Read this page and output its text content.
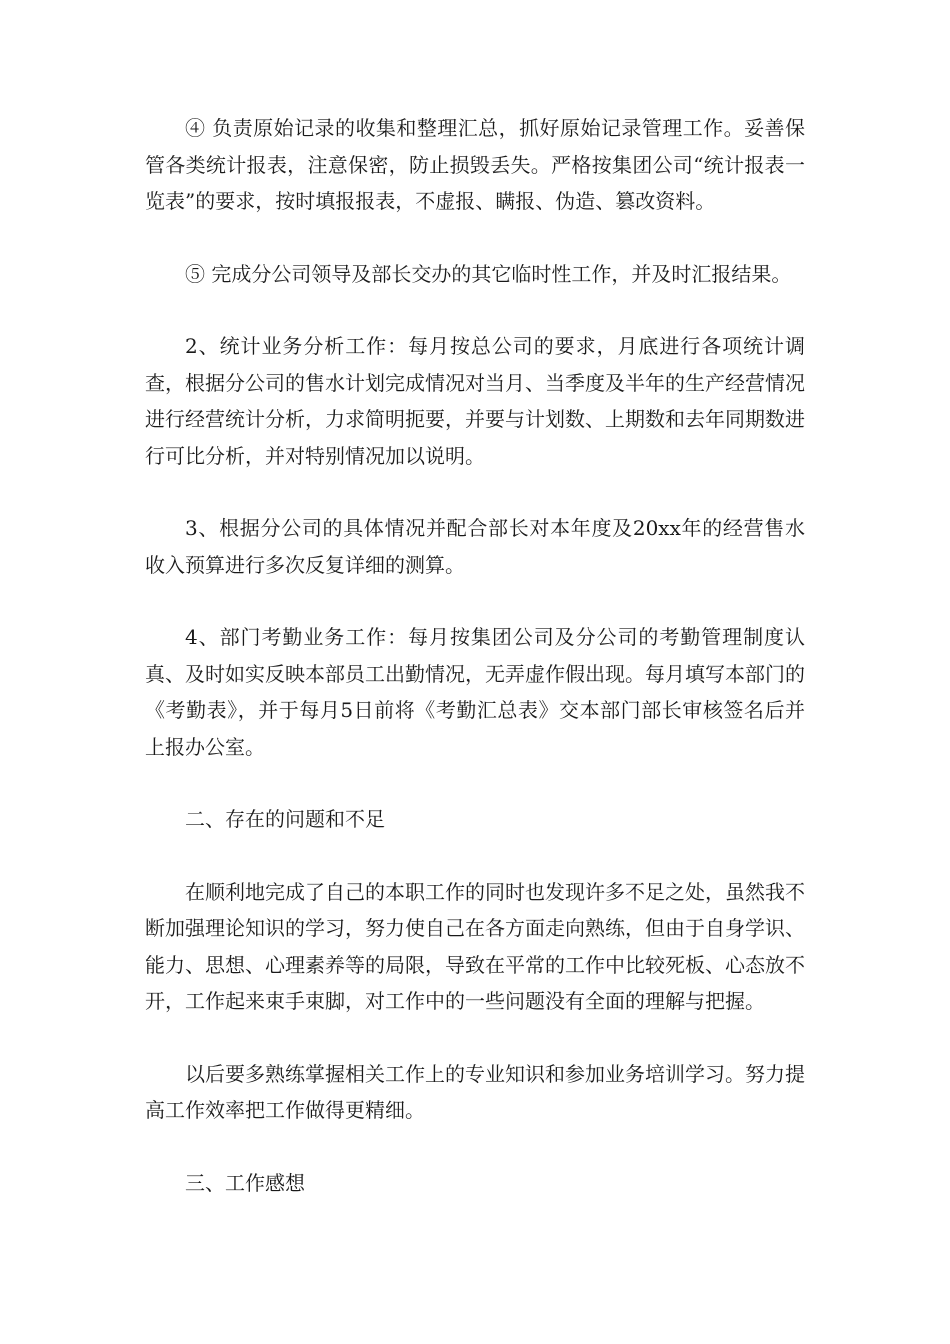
④ 负责原始记录的收集和整理汇总，抓好原始记录管理工作。妥善保管各类统计报表，注意保密，防止损毁丢失。严格按集团公司“统计报表一览表”的要求，按时填报报表，不虚报、瞒报、伪造、篡改资料。

⑤ 完成分公司领导及部长交办的其它临时性工作，并及时汇报结果。

2、统计业务分析工作：每月按总公司的要求，月底进行各项统计调查，根据分公司的售水计划完成情况对当月、当季度及半年的生产经营情况进行经营统计分析，力求简明扼要，并要与计划数、上期数和去年同期数进行可比分析，并对特别情况加以说明。

3、根据分公司的具体情况并配合部长对本年度及20xx年的经营售水收入预算进行多次反复详细的测算。

4、部门考勤业务工作：每月按集团公司及分公司的考勤管理制度认真、及时如实反映本部员工出勤情况，无弄虚作假出现。每月填写本部门的《考勤表》，并于每月5日前将《考勤汇总表》交本部门部长审核签名后并上报办公室。

二、存在的问题和不足

在顺利地完成了自己的本职工作的同时也发现许多不足之处，虽然我不断加强理论知识的学习，努力使自己在各方面走向熟练，但由于自身学识、能力、思想、心理素养等的局限，导致在平常的工作中比较死板、心态放不开，工作起来束手束脚，对工作中的一些问题没有全面的理解与把握。

以后要多熟练掌握相关工作上的专业知识和参加业务培训学习。努力提高工作效率把工作做得更精细。

三、工作感想
